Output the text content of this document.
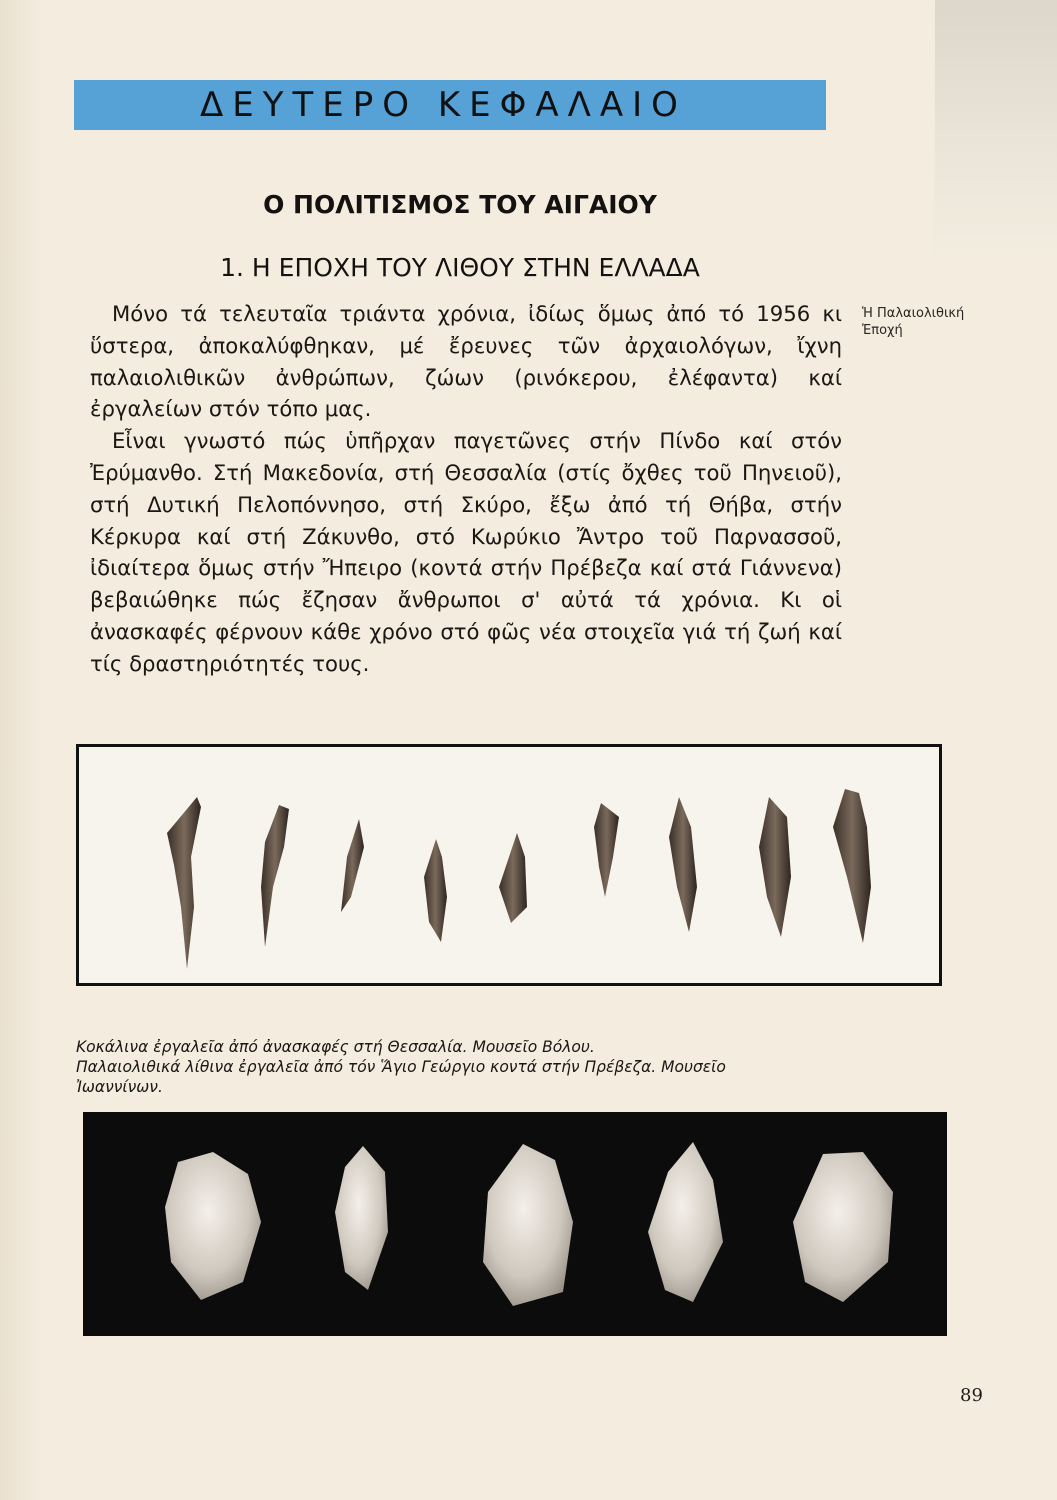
ΔΕΥΤΕΡΟ ΚΕΦΑΛΑΙΟ
Ο ΠΟΛΙΤΙΣΜΟΣ ΤΟΥ ΑΙΓΑΙΟΥ
1. Η ΕΠΟΧΗ ΤΟΥ ΛΙΘΟΥ ΣΤΗΝ ΕΛΛΑΔΑ

Μόνο τά τελευταῖα τριάντα χρόνια, ἰδίως ὅμως ἀπό τό 1956 κι ὕστερα, ἀποκαλύφθηκαν, μέ ἔρευνες τῶν ἀρχαιολόγων, ἴχνη παλαιολιθικῶν ἀνθρώπων, ζώων (ρινόκερου, ἐλέφαντα) καί ἐργαλείων στόν τόπο μας.

Εἶναι γνωστό πώς ὑπῆρχαν παγετῶνες στήν Πίνδο καί στόν Ἐρύμανθο. Στή Μακεδονία, στή Θεσσαλία (στίς ὄχθες τοῦ Πηνειοῦ), στή Δυτική Πελοπόννησο, στή Σκύρο, ἔξω ἀπό τή Θήβα, στήν Κέρκυρα καί στή Ζάκυνθο, στό Κωρύκιο Ἄντρο τοῦ Παρνασσοῦ, ἰδιαίτερα ὅμως στήν Ἤπειρο (κοντά στήν Πρέβεζα καί στά Γιάννενα) βεβαιώθηκε πώς ἔζησαν ἄνθρωποι σ' αὐτά τά χρόνια. Κι οἱ ἀνασκαφές φέρνουν κάθε χρόνο στό φῶς νέα στοιχεῖα γιά τή ζωή καί τίς δραστηριότητές τους.

Ἡ Παλαιολιθική Ἐποχή
Κοκάλινα ἐργαλεῖα ἀπό ἀνασκαφές στή Θεσσαλία. Μουσεῖο Βόλου.
Παλαιολιθικά λίθινα ἐργαλεῖα ἀπό τόν Ἅγιο Γεώργιο κοντά στήν Πρέβεζα. Μουσεῖο
Ἰωαννίνων.
89
